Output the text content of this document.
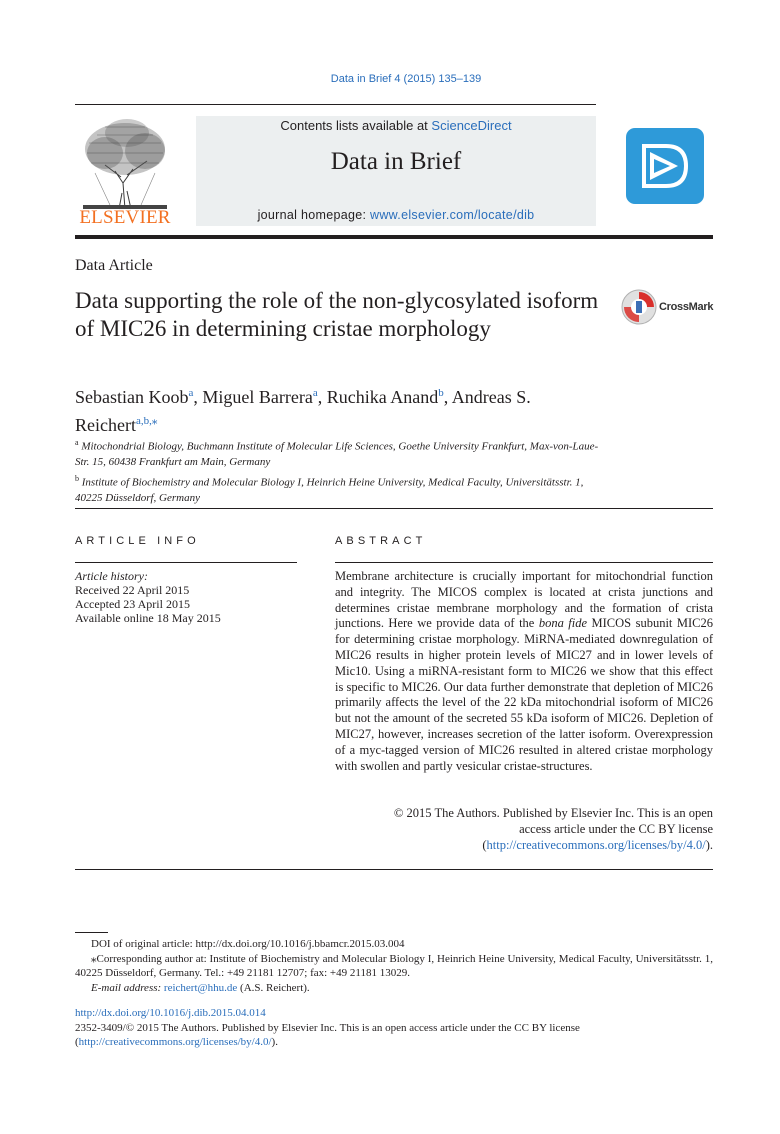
Data in Brief 4 (2015) 135–139
ELSEVIER
Contents lists available at ScienceDirect
Data in Brief
journal homepage: www.elsevier.com/locate/dib
Data Article
Data supporting the role of the non-glycosylated isoform of MIC26 in determining cristae morphology
CrossMark
Sebastian Koob$^a$, Miguel Barrera$^a$, Ruchika Anand$^b$, Andreas S. Reichert$^{a,b,⁎}$
$^a$ Mitochondrial Biology, Buchmann Institute of Molecular Life Sciences, Goethe University Frankfurt, Max-von-Laue-Str. 15, 60438 Frankfurt am Main, Germany
$^b$ Institute of Biochemistry and Molecular Biology I, Heinrich Heine University, Medical Faculty, Universitätsstr. 1, 40225 Düsseldorf, Germany
ARTICLE INFO
Article history:
Received 22 April 2015
Accepted 23 April 2015
Available online 18 May 2015
ABSTRACT
Membrane architecture is crucially important for mitochondrial function and integrity. The MICOS complex is located at crista junctions and determines cristae membrane morphology and the formation of crista junctions. Here we provide data of the bona fide MICOS subunit MIC26 for determining cristae morphology. MiRNA-mediated downregulation of MIC26 results in higher protein levels of MIC27 and in lower levels of Mic10. Using a miRNA-resistant form to MIC26 we show that this effect is specific to MIC26. Our data further demonstrate that depletion of MIC26 primarily affects the level of the 22 kDa mitochondrial isoform of MIC26 but not the amount of the secreted 55 kDa isoform of MIC26. Depletion of MIC27, however, increases secretion of the latter isoform. Overexpression of a myc-tagged version of MIC26 resulted in altered cristae morphology with swollen and partly vesicular cristae-structures.
© 2015 The Authors. Published by Elsevier Inc. This is an open
access article under the CC BY license
(http://creativecommons.org/licenses/by/4.0/).
DOI of original article: http://dx.doi.org/10.1016/j.bbamcr.2015.03.004
⁎Corresponding author at: Institute of Biochemistry and Molecular Biology I, Heinrich Heine University, Medical Faculty, Universitätsstr. 1, 40225 Düsseldorf, Germany. Tel.: +49 21181 12707; fax: +49 21181 13029.
E-mail address: reichert@hhu.de (A.S. Reichert).
http://dx.doi.org/10.1016/j.dib.2015.04.014
2352-3409/© 2015 The Authors. Published by Elsevier Inc. This is an open access article under the CC BY license
(http://creativecommons.org/licenses/by/4.0/).
